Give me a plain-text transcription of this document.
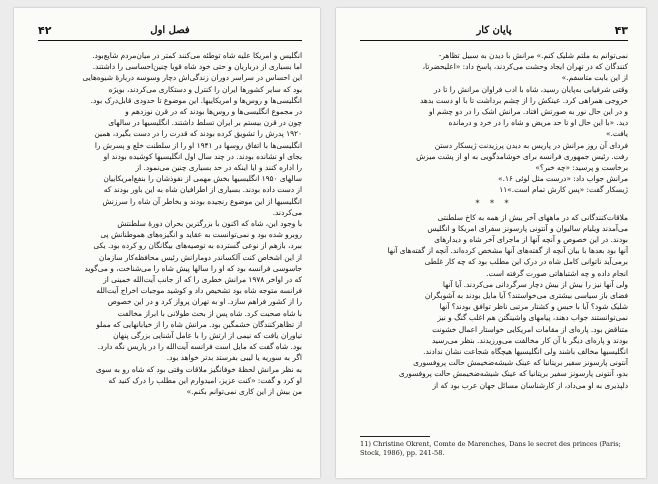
۴۲	فصل اول
انگلیس و امریکا علیه شاه توطئه می‌کنند کمتر در میان‌مردم شایع‌بود.
اما بسیاری از درباریان و حتی خود شاه قویا چنین‌احساسی را داشتند.
این احساس در سراسر دوران زندگی‌اش دچار وسوسه دربارهٔ شیوه‌هایی
بود که سایر کشورها ایران را کنترل و دستکاری می‌کردند، بویژه
انگلیسی‌ها و روس‌ها و امریکاییها. این موضوع تا حدودی قابل‌درک بود.
در مجموع انگلیسی‌ها و روس‌ها بودند که در قرن نوزدهم و
چون در قرن بیستم بر ایران تسلط داشتند. انگلیسیها در سالهای
۱۹۲۰ پدرش را تشویق کرده بودند که قدرت را در دست بگیرد، همین
انگلیسی‌ها با اتفاق روسها در ۱۹۴۱ او را از سلطنت خلع و پسرش را
بجای او نشانده بودند. در چند سال اول انگلیسیها کوشیده بودند او
را اداره کنند و ایا اینکه در حد بسیاری چنین می‌نمود. از
سالهای ۱۹۵۰ انگلیسیها بخش مهمی از نفوذشان را بنفع‌امریکاییان
از دست داده بودند. بسیاری از اطرافیان شاه به این باور بودند که
انگلیسیها از این موضوع رنجیده بودند و بخاطر آن شاه را سرزنش
می‌کردند.
با وجود این، شاه که اکنون با بزرگترین بحران دورهٔ سلطنتش
روبرو شده بود و نمی‌توانست به عقاید و انگیزه‌های همو‌طنانش پی
ببرد، بازهم از نوعی گسترده به توصیه‌های بیگانگان رو کرده بود. یکی
از این اشخاص کنت آلکساندر دومارانش رئیس محافظه‌کار سازمان
جاسوسی فرانسه بود که او را سالها پیش شاه را می‌شناخت، و می‌گوید
که در اواخر ۱۹۷۸ مرانش خطری را که از جانب آیت‌الله خمینی از
فرانسه متوجه شاه بود تشخیص داد و کوشید موجبات اخراج آیت‌الله
را از کشور فراهم سازد. او به تهران پرواز کرد و در این خصوص
با شاه صحبت کرد. شاه پس از بحث طولانی با ابراز مخالفت
از تظاهرکنندگان خشمگین بود. مرانش شاه را از خیابانهایی که مملو
تیاوران یافت که نیمی از ارتش را با عامل آشنایی بزرگی پنهان
بود. شاه گفت که مایل است فرانسه آیت‌الله را در پاریس نگه دارد.
اگر به سوریه یا لیبی بفرستد بدتر خواهد بود.
به نظر مرانش لحظهٔ خوفانگیز ملاقات وقتی بود که شاه رو به سوی
او کرد و گفت: «کنت عزیز، امیدوارم این مطلب را درک کنید که
من بیش از این کاری نمی‌توانم بکنم.»
۴۳
پایان کار
نمی‌توانم به ملتم شلیک کنم.» مرانش با دیدن به سبیل تظاهر-
کنندگان که در تهران ایجاد وحشت می‌کردند، پاسخ داد: «اعلیحضرتا،
از این بابت متاسفم.»
وقتی شرفیابی به‌پایان رسید، شاه با ادب فراوان مرانش را تا در
خروجی همراهی کرد. عینکش را از چشم برداشت تا با او دست بدهد
و در این حال نور به صورتش افتاد. مرانش اشک را در دو چشم او
دید. «با این حال او تا حد مریض و شاه را در خرد و درمانده
یافت.»
فردای آن روز مرانش در پاریس به دیدن پرزیدنت ژیسکار دستن
رفت. رئیس جمهوری فرانسه برای خوشامدگویی به او از پشت میزش
برخاست و پرسید: «چه خبر؟»
مرانش جواب داد: «درست مثل لوئی ۱۶.»
ژیسکار گفت: «پس کارش تمام است.»۱۱
* * *
ملاقات‌کنندگانی که در ماههای آخر بیش از همه به کاخ سلطنتی
می‌آمدند ویلیام سالیوان و آنتونی پارسونز سفرای امریکا و انگلیس
بودند. در این خصوص و آنچه آنها از ماجرای آخر شاه و دیدارهای
آنها بود بعدها با بیان آنچه از گفته‌های آنها مشخص کرده‌اند. آنچه از گفته‌های آنها
برمی‌آید ناتوانی کامل شاه در درک این مطلب بود که چه کار غلطی
انجام داده و چه اشتباهاتی صورت گرفته است.
ولی آنها نیز را بیش از بیش دچار سرگردانی می‌کردند. آیا آنها
فضای باز سیاسی بیشتری می‌خواستند؟ آیا مایل بودند به آشوبگران
شلیک شود؟ آیا با حبس و کشتار مرتبی ناظر توافق بودند؟ آنها
نمی‌توانستند جواب دهند، پیامهای واشینگتن هم اغلب گنگ و نیز
متناقض بود. پاره‌ای از مقامات امریکایی خواستار اعمال خشونت
بودند و پاره‌ای دیگر با آن کار مخالفت می‌ورزیدند. بنظر می‌رسید
انگلیسیها مخالف باشند ولی انگلیسیها هیچگاه شجاعت نشان ندادند.
آنتونی پارسونز سفیر بریتانیا که عینک شیشه‌ضخیمش حالت پروفسوری
بدو، آنتونی پارسونز سفیر بریتانیا که عینک شیشه‌ضخیمش حالت پروفسوری
دلپذیری به او می‌داد، از کارشناسان مسائل جهان عرب بود که از
11) Christine Okrent, Comte de Marenches, Dans le secret des princes (Paris; Stock, 1986), pp. 241-58.
